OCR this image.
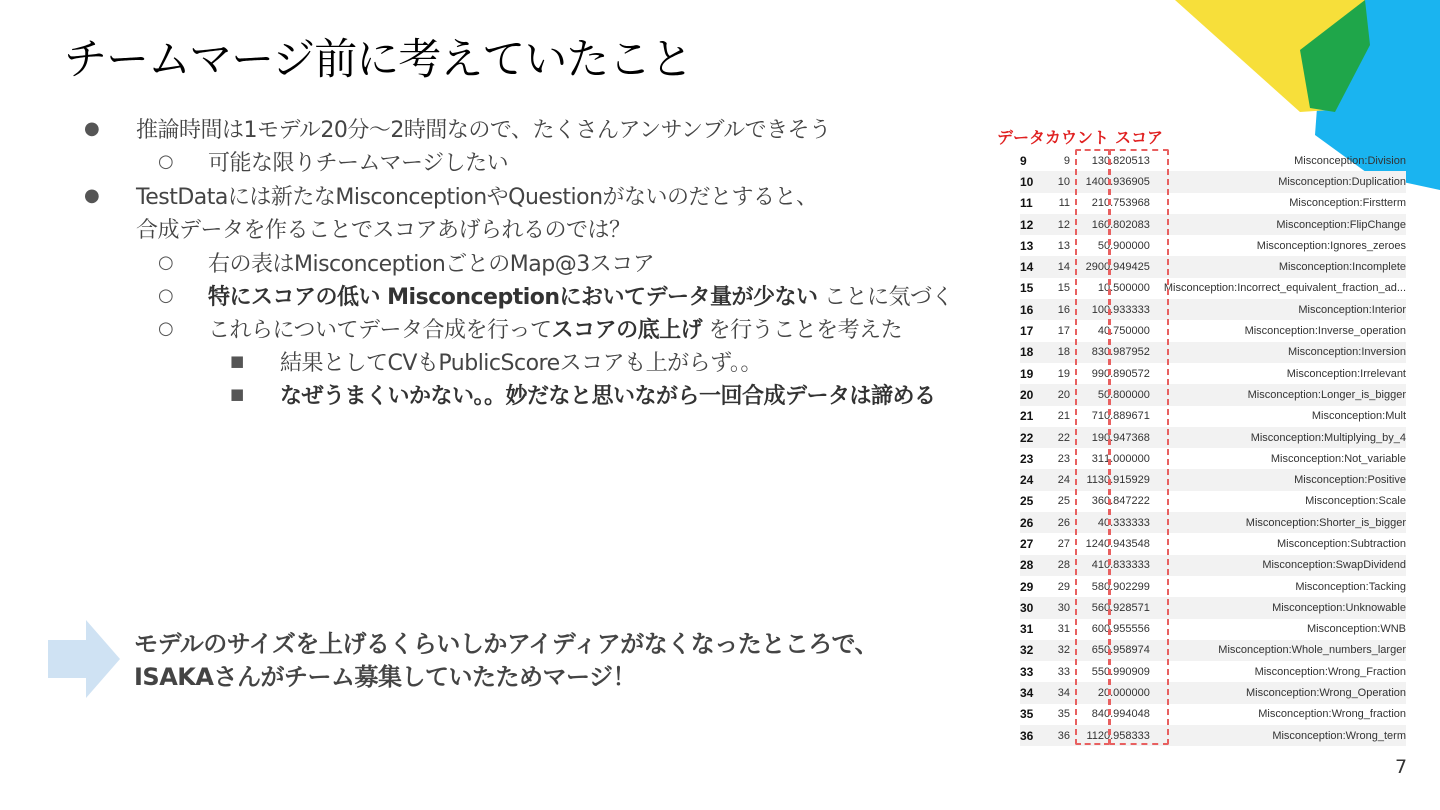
チームマージ前に考えていたこと
● 推論時間は1モデル20分〜2時間なので、たくさんアンサンブルできそう
○ 可能な限りチームマージしたい
● TestDataには新たなMisconceptionやQuestionがないのだとすると、
合成データを作ることでスコアあげられるのでは？
○ 右の表はMisconceptionごとのMap@3スコア
○ 特にスコアの低い Misconceptionにおいてデータ量が少ない ことに気づく
○ これらについてデータ合成を行ってスコアの底上げ を行うことを考えた
■ 結果としてCVもPublicScoreスコアも上がらず。。
■ なぜうまくいかない。。妙だなと思いながら一回合成データは諦める
モデルのサイズを上げるくらいしかアイディアがなくなったところで、
ISAKAさんがチーム募集していたためマージ！
データカウント スコア
9	9	13	0.820513	Misconception:Division
10	10	140	0.936905	Misconception:Duplication
11	11	21	0.753968	Misconception:Firstterm
12	12	16	0.802083	Misconception:FlipChange
13	13	5	0.900000	Misconception:Ignores_zeroes
14	14	290	0.949425	Misconception:Incomplete
15	15	1	0.500000	Misconception:Incorrect_equivalent_fraction_ad...
16	16	10	0.933333	Misconception:Interior
17	17	4	0.750000	Misconception:Inverse_operation
18	18	83	0.987952	Misconception:Inversion
19	19	99	0.890572	Misconception:Irrelevant
20	20	5	0.800000	Misconception:Longer_is_bigger
21	21	71	0.889671	Misconception:Mult
22	22	19	0.947368	Misconception:Multiplying_by_4
23	23	31	1.000000	Misconception:Not_variable
24	24	113	0.915929	Misconception:Positive
25	25	36	0.847222	Misconception:Scale
26	26	4	0.333333	Misconception:Shorter_is_bigger
27	27	124	0.943548	Misconception:Subtraction
28	28	41	0.833333	Misconception:SwapDividend
29	29	58	0.902299	Misconception:Tacking
30	30	56	0.928571	Misconception:Unknowable
31	31	60	0.955556	Misconception:WNB
32	32	65	0.958974	Misconception:Whole_numbers_larger
33	33	55	0.990909	Misconception:Wrong_Fraction
34	34	2	0.000000	Misconception:Wrong_Operation
35	35	84	0.994048	Misconception:Wrong_fraction
36	36	112	0.958333	Misconception:Wrong_term
7
